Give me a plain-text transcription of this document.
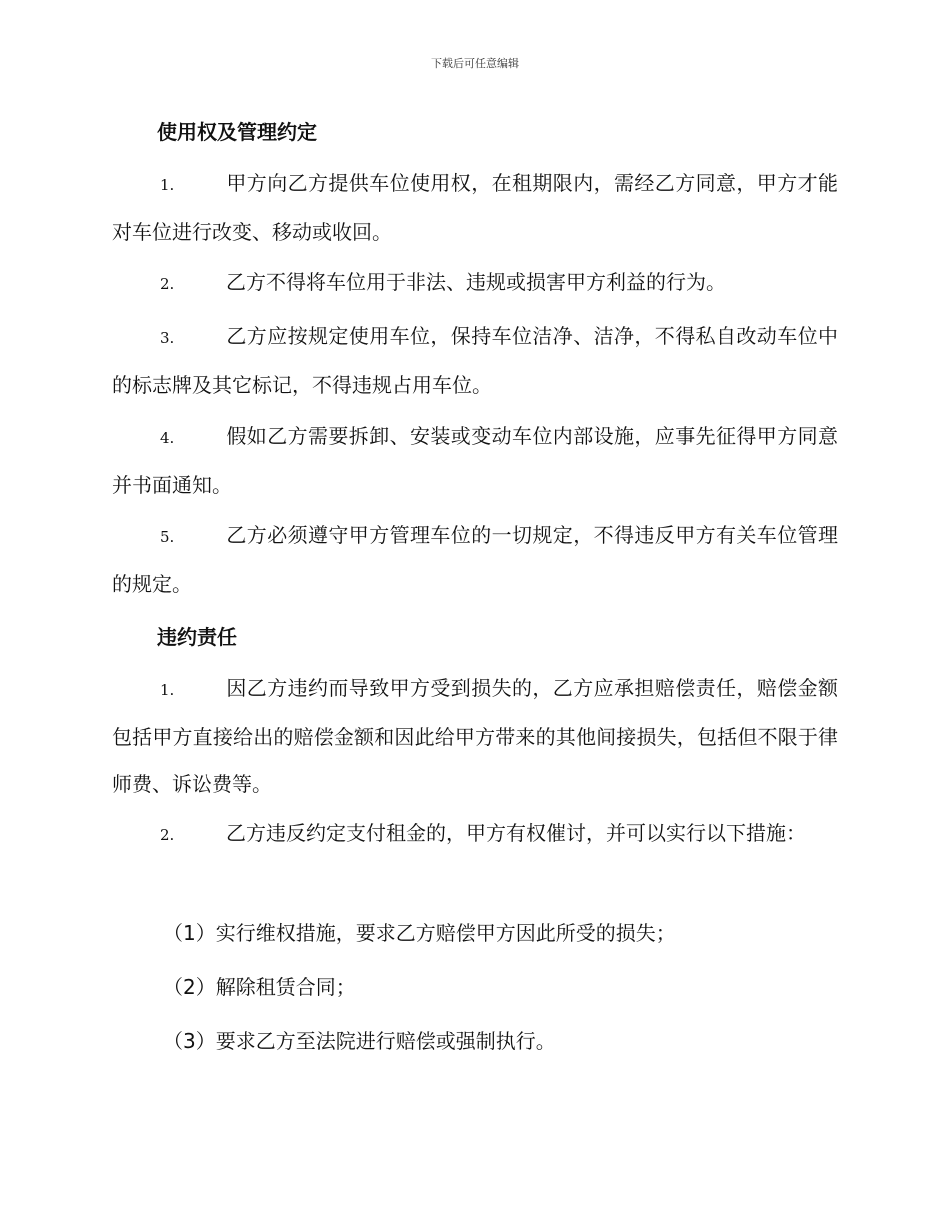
下载后可任意编辑
使用权及管理约定

1.	甲方向乙方提供车位使用权，在租期限内，需经乙方同意，甲方才能对车位进行改变、移动或收回。

2.	乙方不得将车位用于非法、违规或损害甲方利益的行为。

3.	乙方应按规定使用车位，保持车位洁净、洁净，不得私自改动车位中的标志牌及其它标记，不得违规占用车位。

4.	假如乙方需要拆卸、安装或变动车位内部设施，应事先征得甲方同意并书面通知。

5.	乙方必须遵守甲方管理车位的一切规定，不得违反甲方有关车位管理的规定。

违约责任

1.	因乙方违约而导致甲方受到损失的，乙方应承担赔偿责任，赔偿金额包括甲方直接给出的赔偿金额和因此给甲方带来的其他间接损失，包括但不限于律师费、诉讼费等。

2.	乙方违反约定支付租金的，甲方有权催讨，并可以实行以下措施：

（1）实行维权措施，要求乙方赔偿甲方因此所受的损失；

（2）解除租赁合同；

（3）要求乙方至法院进行赔偿或强制执行。
